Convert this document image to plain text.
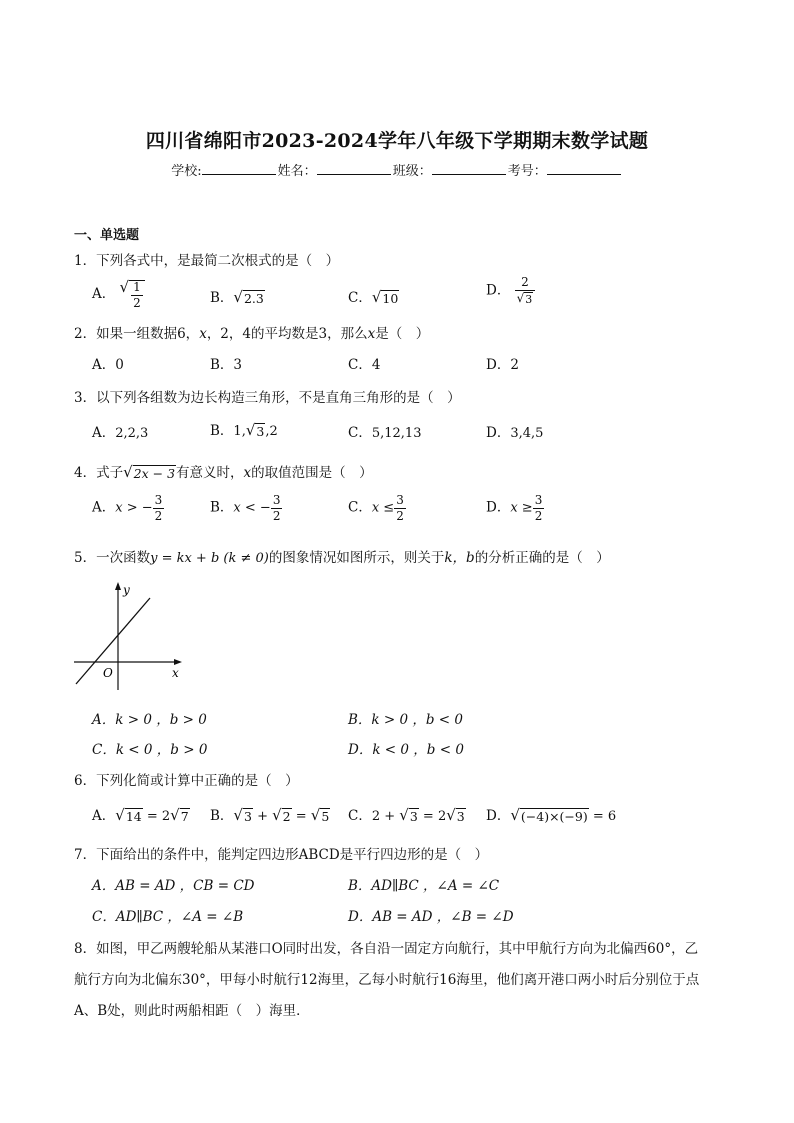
四川省绵阳市2023-2024学年八年级下学期期末数学试题
学校:	姓名：	班级：	考号：
一、单选题
1．下列各式中，是最简二次根式的是（　）
A． √ $\frac{1}{2}$	B． √ 2.3	C． √ 10
D． $\frac{2}{√ 3}$
2．如果一组数据6，x，2，4的平均数是3，那么x是（　）
A．0	B．3	C．4	D．2
3．以下列各组数为边长构造三角形，不是直角三角形的是（　）
A．2,2,3	B．1, √ 3 ,2	C．5,12,13	D．3,4,5
4．式子 √ 2x − 3 有意义时，x的取值范围是（　）
A．x > − $\frac{3}{2}$	B．x < − $\frac{3}{2}$	C．$x \le \frac{3}{2}$	D．$x \ge \frac{3}{2}$
5．一次函数y = kx + b (k ≠ 0)的图象情况如图所示，则关于k，b的分析正确的是（　）
y
x
O
A．k > 0 ，b > 0	B．k > 0 ，b < 0
C．k < 0 ，b > 0	D．k < 0 ，b < 0
6．下列化简或计算中正确的是（　）
A． √ 14 = 2 √ 7 B． √ 3 + √ 2 = √ 5 C．2 + √ 3 = 2 √ 3 D． √ (−4)×(−9) = 6
7．下面给出的条件中，能判定四边形ABCD是平行四边形的是（　）
A．AB = AD ，CB = CD	B．AD∥BC ，∠A = ∠C
C．AD∥BC ，∠A = ∠B	D．AB = AD ，∠B = ∠D
8．如图，甲乙两艘轮船从某港口O同时出发，各自沿一固定方向航行，其中甲航行方向为北偏西60°，乙
航行方向为北偏东30°，甲每小时航行12海里，乙每小时航行16海里，他们离开港口两小时后分别位于点
A、B处，则此时两船相距（　）海里．
